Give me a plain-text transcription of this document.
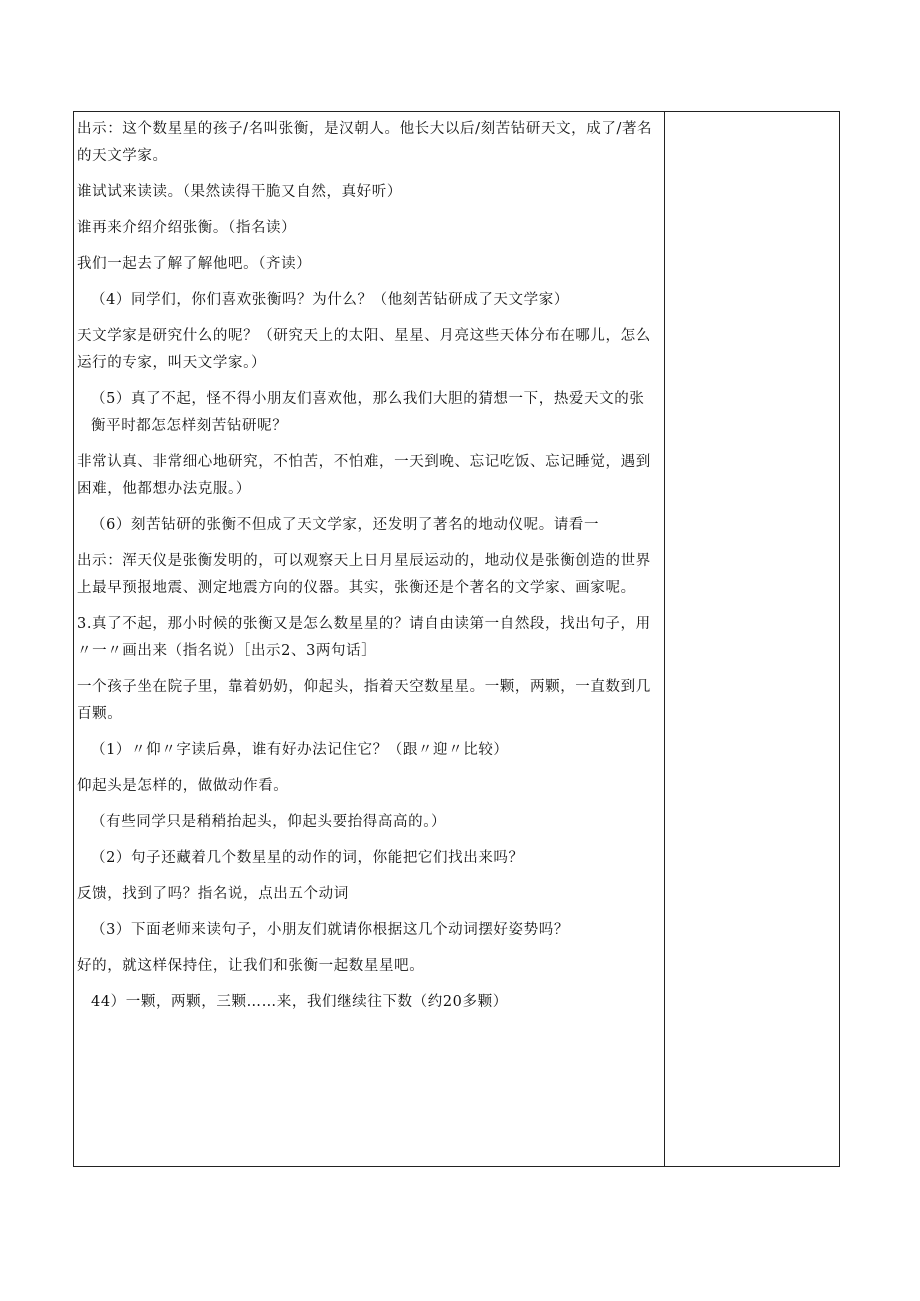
出示：这个数星星的孩子/名叫张衡，是汉朝人。他长大以后/刻苦钻研天文，成了/著名的天文学家。

谁试试来读读。（果然读得干脆又自然，真好听）

谁再来介绍介绍张衡。（指名读）

我们一起去了解了解他吧。（齐读）

（4）同学们，你们喜欢张衡吗？为什么？（他刻苦钻研成了天文学家）

天文学家是研究什么的呢？（研究天上的太阳、星星、月亮这些天体分布在哪儿，怎么运行的专家，叫天文学家。）

（5）真了不起，怪不得小朋友们喜欢他，那么我们大胆的猜想一下，热爱天文的张衡平时都怎怎样刻苦钻研呢？

非常认真、非常细心地研究，不怕苦，不怕难，一天到晚、忘记吃饭、忘记睡觉，遇到困难，他都想办法克服。）

（6）刻苦钻研的张衡不但成了天文学家，还发明了著名的地动仪呢。请看一

出示：浑天仪是张衡发明的，可以观察天上日月星辰运动的，地动仪是张衡创造的世界上最早预报地震、测定地震方向的仪器。其实，张衡还是个著名的文学家、画家呢。

3.真了不起，那小时候的张衡又是怎么数星星的？请自由读第一自然段，找出句子，用〃一〃画出来（指名说）［出示2、3两句话］

一个孩子坐在院子里，靠着奶奶，仰起头，指着天空数星星。一颗，两颗，一直数到几百颗。

（1）〃仰〃字读后鼻，谁有好办法记住它？（跟〃迎〃比较）

仰起头是怎样的，做做动作看。

（有些同学只是稍稍抬起头，仰起头要抬得高高的。）

（2）句子还藏着几个数星星的动作的词，你能把它们找出来吗？

反馈，找到了吗？指名说，点出五个动词

（3）下面老师来读句子，小朋友们就请你根据这几个动词摆好姿势吗？

好的，就这样保持住，让我们和张衡一起数星星吧。

44）一颗，两颗，三颗……来，我们继续往下数（约20多颗）
